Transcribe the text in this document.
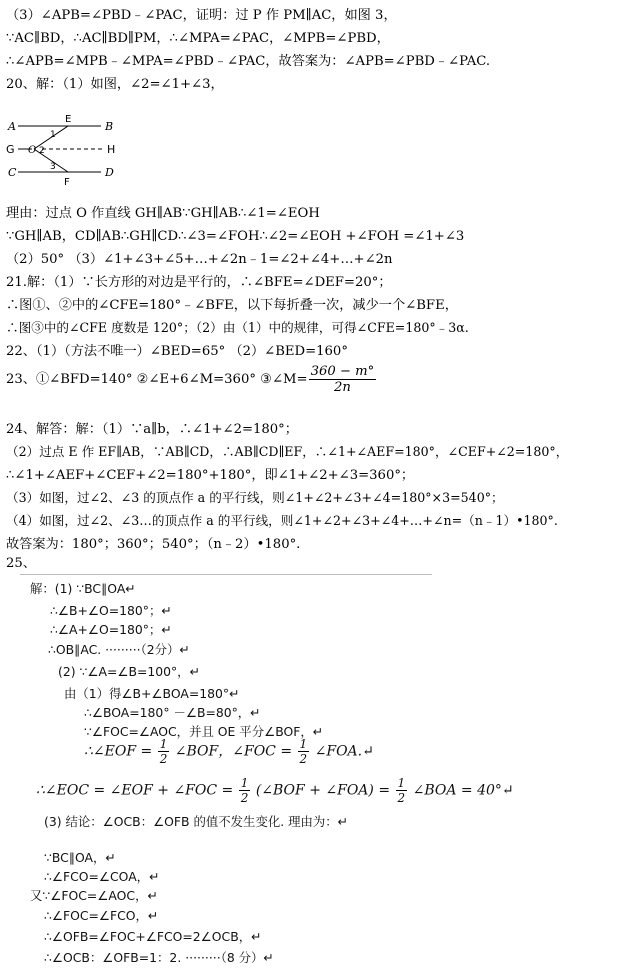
（3）∠APB=∠PBD﹣∠PAC，证明：过 P 作 PM∥AC，如图 3，
∵AC∥BD，∴AC∥BD∥PM，∴∠MPA=∠PAC，∠MPB=∠PBD，
∴∠APB=∠MPB﹣∠MPA=∠PBD﹣∠PAC，故答案为：∠APB=∠PBD﹣∠PAC.
20、解：（1）如图，∠2=∠1+∠3，
A	B
E
G O	H
C	D
F
1
2
3
理由：过点 O 作直线 GH∥AB∵GH∥AB∴∠1=∠EOH
∵GH∥AB，CD∥AB∴GH∥CD∴∠3=∠FOH∴∠2=∠EOH +∠FOH =∠1+∠3
（2）50° （3）∠1+∠3+∠5+…+∠2n﹣1=∠2+∠4+…+∠2n
21.解：（1）∵长方形的对边是平行的，∴∠BFE=∠DEF=20°；
∴图①、②中的∠CFE=180°﹣∠BFE，以下每折叠一次，减少一个∠BFE，
∴图③中的∠CFE 度数是 120°；（2）由（1）中的规律，可得∠CFE=180°﹣3α.
22、（1）（方法不唯一）∠BED=65° （2）∠BED=160°
23、①∠BFD=140° ②∠E+6∠M=360° ③∠M= $\frac{360 - m^\circ}{2n}$
24、解答：解：（1）∵a∥b，∴∠1+∠2=180°；
（2）过点 E 作 EF∥AB，∵AB∥CD，∴AB∥CD∥EF，∴∠1+∠AEF=180°，∠CEF+∠2=180°，
∴∠1+∠AEF+∠CEF+∠2=180°+180°，即∠1+∠2+∠3=360°；
（3）如图，过∠2、∠3 的顶点作 a 的平行线，则∠1+∠2+∠3+∠4=180°×3=540°；
（4）如图，过∠2、∠3…的顶点作 a 的平行线，则∠1+∠2+∠3+∠4+…+∠n=（n﹣1）•180°.
故答案为：180°；360°；540°；（n﹣2）•180°.
25、
解：(1) ∵BC∥OA↵
∴∠B+∠O=180°；↵
∴∠A+∠O=180°；↵
∴OB∥AC. ·········（2分）↵
(2) ∵∠A=∠B=100°，↵
由（1）得∠B+∠BOA=180°↵
∴∠BOA=180° －∠B=80°，↵
∵∠FOC=∠AOC，并且 OE 平分∠BOF，↵
∴∠EOF = $\frac{1}{2}$ ∠BOF，∠FOC = $\frac{1}{2}$ ∠FOA.↵
∴∠EOC = ∠EOF + ∠FOC = $\frac{1}{2}$ (∠BOF + ∠FOA) = $\frac{1}{2}$ ∠BOA = 40°↵
(3) 结论：∠OCB：∠OFB 的值不发生变化. 理由为：↵
∵BC∥OA，↵
∴∠FCO=∠COA，↵
又∵∠FOC=∠AOC，↵
∴∠FOC=∠FCO，↵
∴∠OFB=∠FOC+∠FCO=2∠OCB，↵
∴∠OCB：∠OFB=1：2. ·········（8 分）↵
